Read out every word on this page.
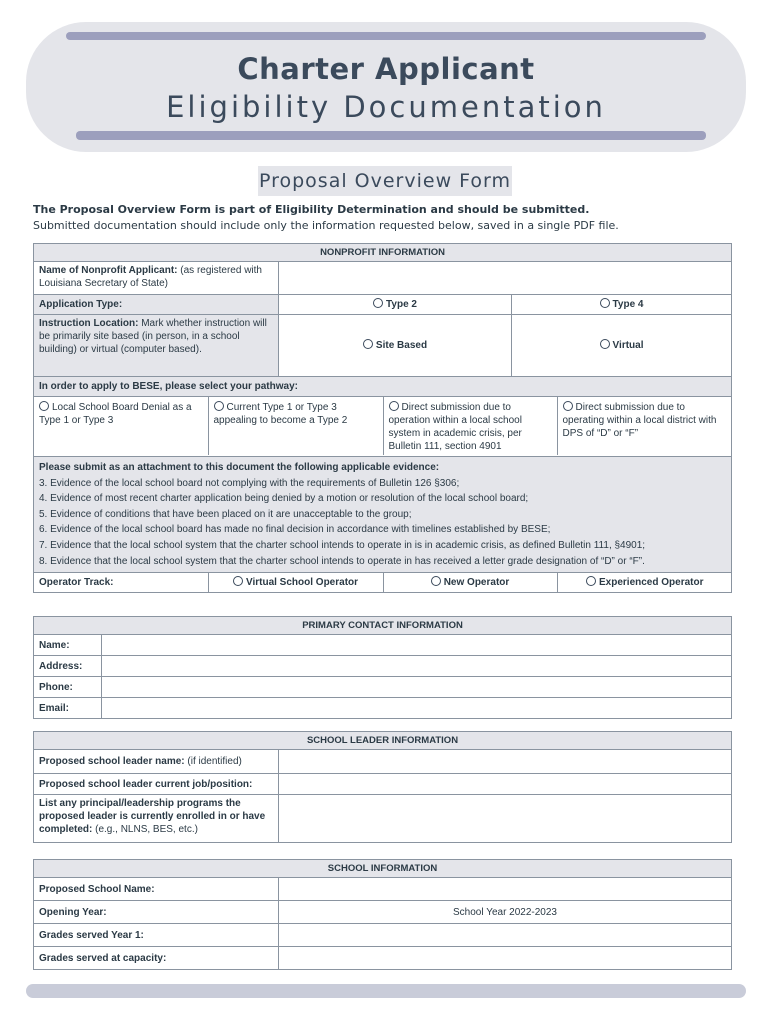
Charter Applicant
Eligibility Documentation
Proposal Overview Form
The Proposal Overview Form is part of Eligibility Determination and should be submitted.
Submitted documentation should include only the information requested below, saved in a single PDF file.
NONPROFIT INFORMATION
Name of Nonprofit Applicant: (as registered with Louisiana Secretary of State)	
Application Type:	Type 2	Type 4
Instruction Location: Mark whether instruction will be primarily site based (in person, in a school building) or virtual (computer based).	Site Based	Virtual
In order to apply to BESE, please select your pathway:

Local School Board Denial as a Type 1 or Type 3	Current Type 1 or Type 3 appealing to become a Type 2	Direct submission due to operation within a local school system in academic crisis, per Bulletin 111, section 4901	Direct submission due to operating within a local district with DPS of “D” or “F”

Please submit as an attachment to this document the following applicable evidence:
3. Evidence of the local school board not complying with the requirements of Bulletin 126 §306;
4. Evidence of most recent charter application being denied by a motion or resolution of the local school board;
5. Evidence of conditions that have been placed on it are unacceptable to the group;
6. Evidence of the local school board has made no final decision in accordance with timelines established by BESE;
7. Evidence that the local school system that the charter school intends to operate in is in academic crisis, as defined Bulletin 111, §4901;
8. Evidence that the local school system that the charter school intends to operate in has received a letter grade designation of “D” or “F”.

Operator Track:	Virtual School Operator	New Operator	Experienced Operator
PRIMARY CONTACT INFORMATION	
Name:	
Address:	
Phone:	
Email:	
SCHOOL LEADER INFORMATION	
Proposed school leader name: (if identified)	
Proposed school leader current job/position:	
List any principal/leadership programs the proposed leader is currently enrolled in or have completed: (e.g., NLNS, BES, etc.)	
SCHOOL INFORMATION	
Proposed School Name:	
Opening Year:	School Year 2022-2023
Grades served Year 1:	
Grades served at capacity:	
